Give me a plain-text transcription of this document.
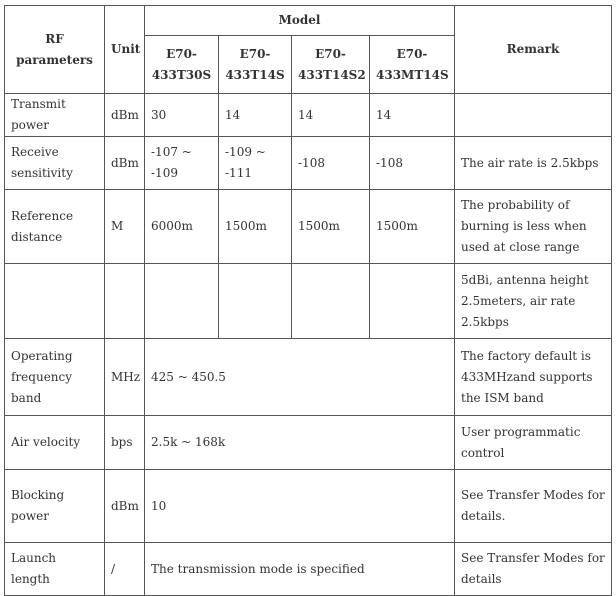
RF parameters	Unit	Model				Remark
		E70-433T30S	E70-433T14S	E70-433T14S2	E70-433MT14S	
Transmit power	dBm	30	14	14	14	
Receive sensitivity	dBm	-107 ~ -109	-109 ~ -111	-108	-108	The air rate is 2.5kbps
Reference distance	M	6000m	1500m	1500m	1500m	The probability of burning is less when used at close range
						5dBi, antenna height 2.5meters, air rate 2.5kbps
Operating frequency band	MHz	425 ~ 450.5				The factory default is 433MHzand supports the ISM band
Air velocity	bps	2.5k ~ 168k				User programmatic control
Blocking power	dBm	10				See Transfer Modes for details.
Launch length	/	The transmission mode is specified				See Transfer Modes for details
